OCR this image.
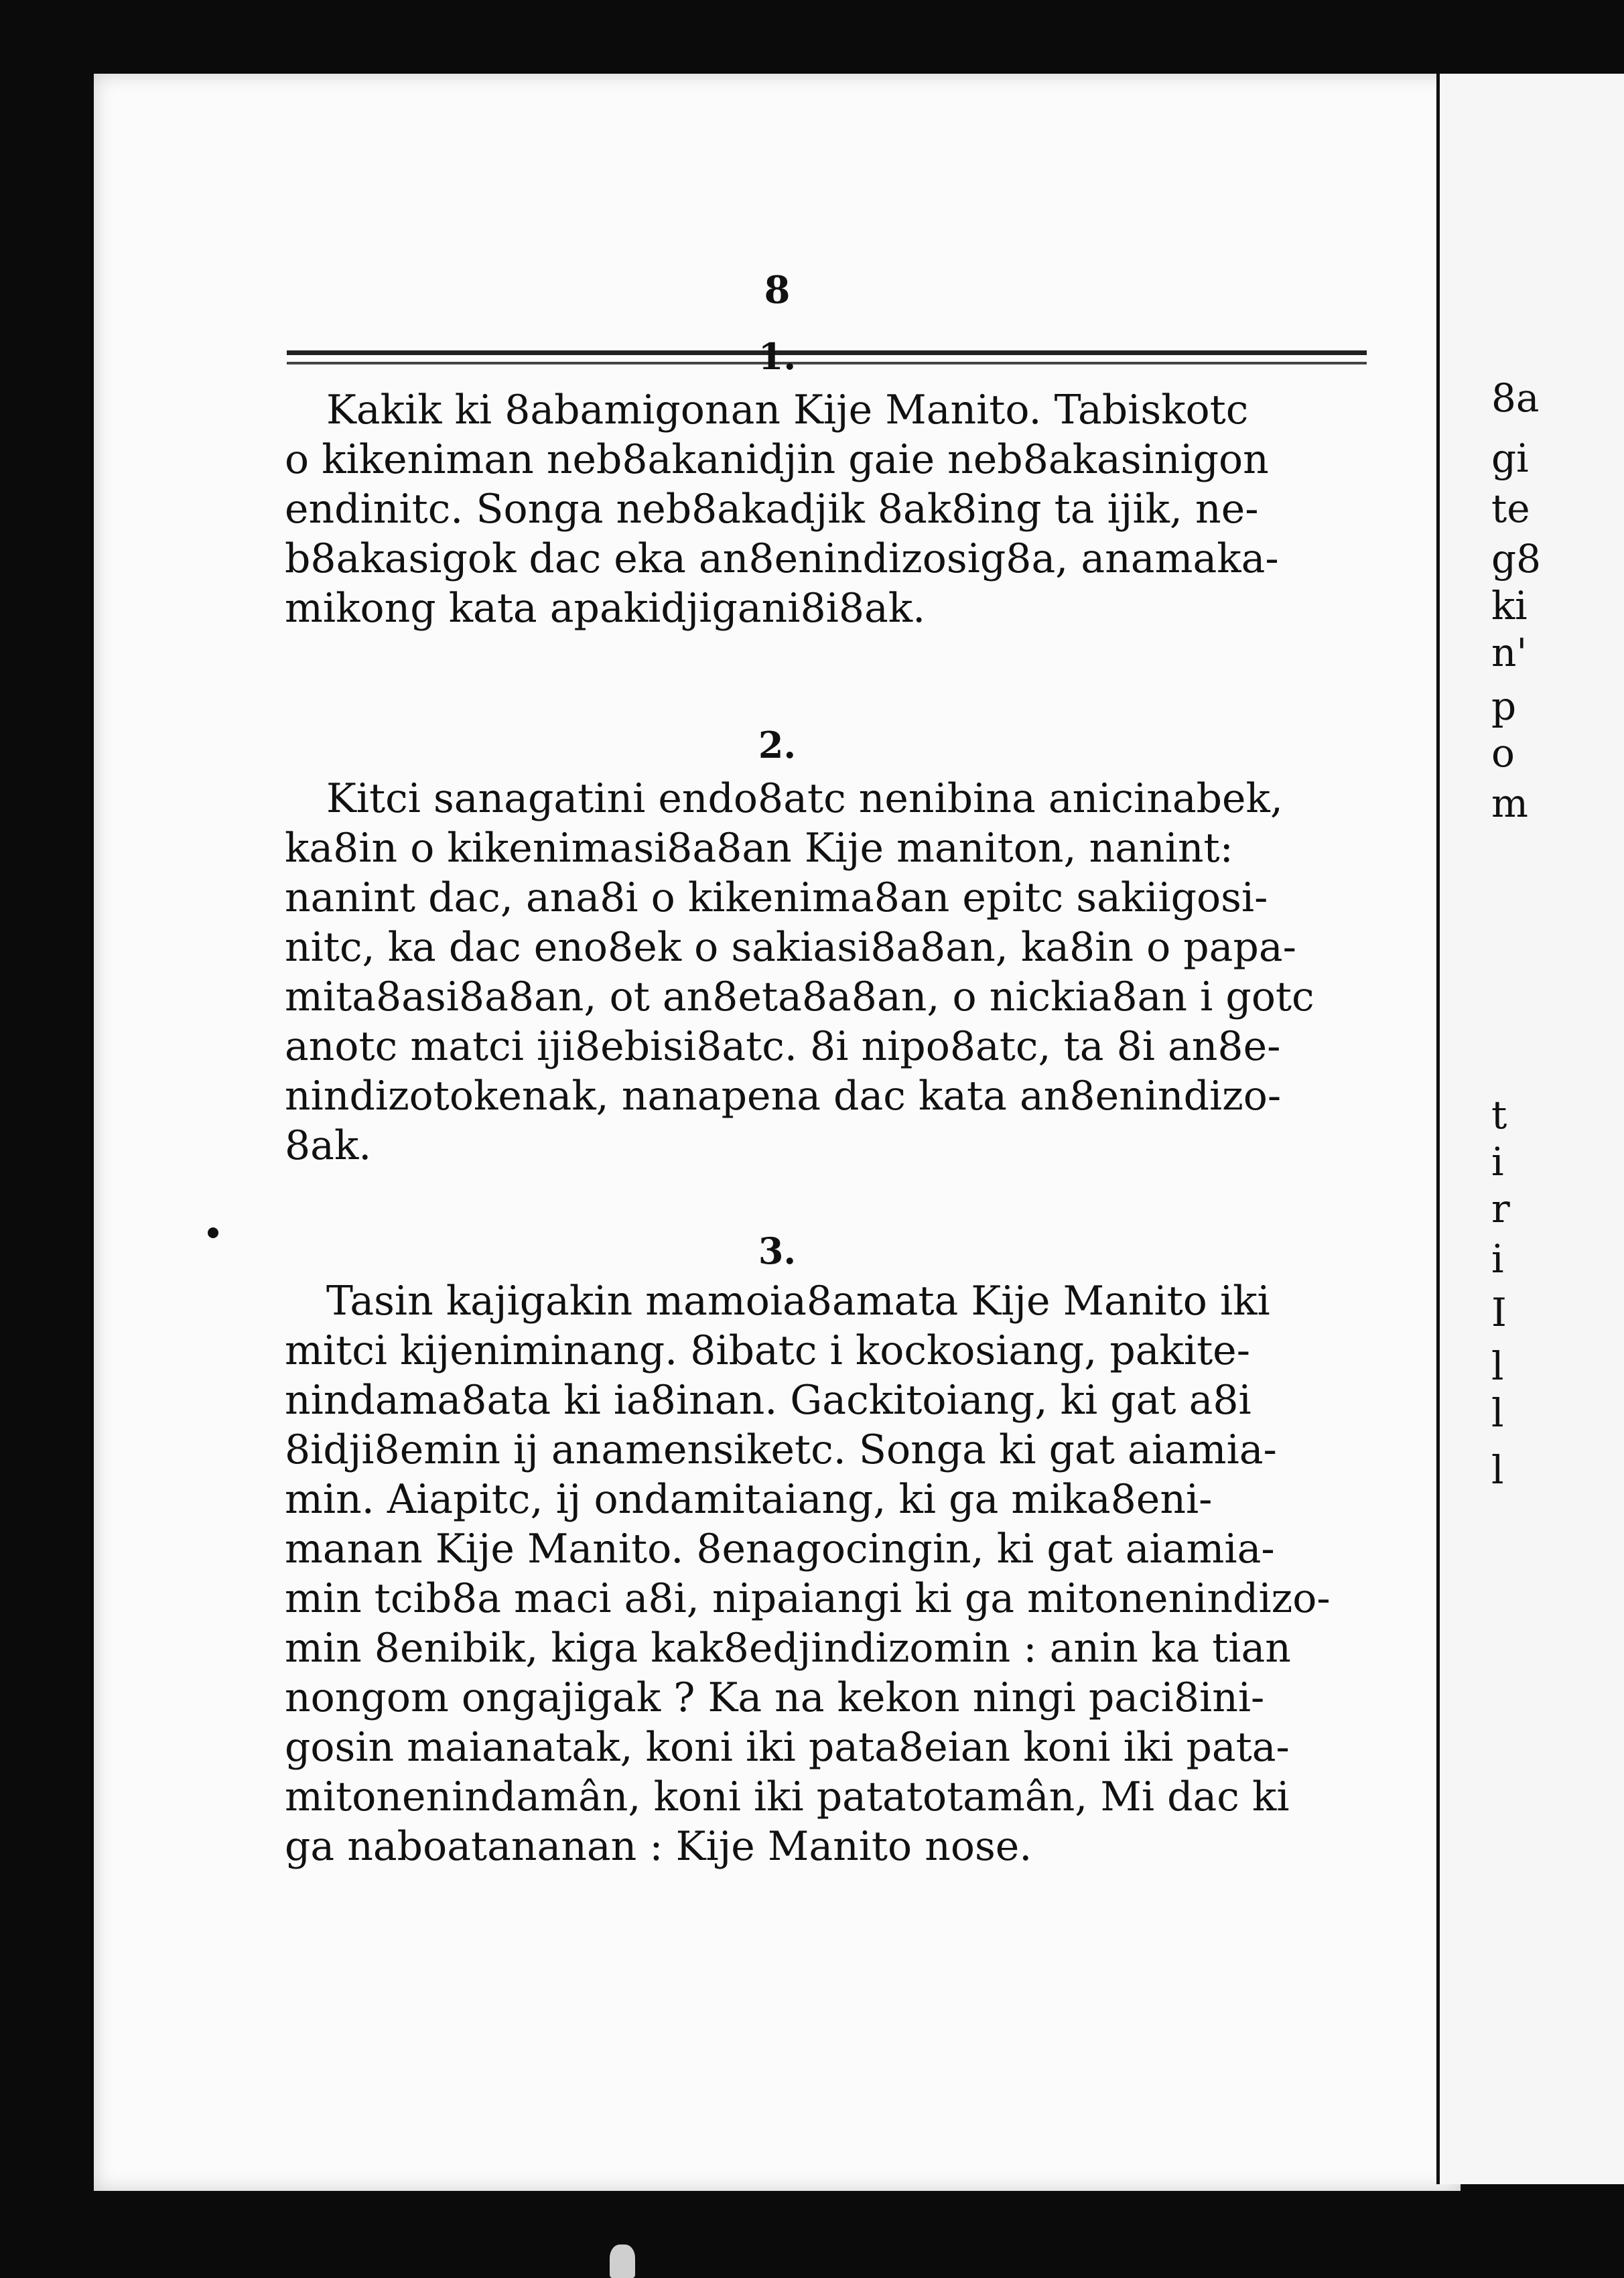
8
1.
Kakik ki 8abamigonan Kije Manito. Tabiskotc
o kikeniman neb8akanidjin gaie neb8akasinigon
endinitc. Songa neb8akadjik 8ak8ing ta ijik, ne-
b8akasigok dac eka an8enindizosig8a, anamaka-
mikong kata apakidjigani8i8ak.
2.
Kitci sanagatini endo8atc nenibina anicinabek,
ka8in o kikenimasi8a8an Kije maniton, nanint:
nanint dac, ana8i o kikenima8an epitc sakiigosi-
nitc, ka dac eno8ek o sakiasi8a8an, ka8in o papa-
mita8asi8a8an, ot an8eta8a8an, o nickia8an i gotc
anotc matci iji8ebisi8atc. 8i nipo8atc, ta 8i an8e-
nindizotokenak, nanapena dac kata an8enindizo-
8ak.
3.
Tasin kajigakin mamoia8amata Kije Manito iki
mitci kijeniminang. 8ibatc i kockosiang, pakite-
nindama8ata ki ia8inan. Gackitoiang, ki gat a8i
8idji8emin ij anamensiketc. Songa ki gat aiamia-
min. Aiapitc, ij ondamitaiang, ki ga mika8eni-
manan Kije Manito. 8enagocingin, ki gat aiamia-
min tcib8a maci a8i, nipaiangi ki ga mitonenindizo-
min 8enibik, kiga kak8edjindizomin : anin ka tian
nongom ongajigak ? Ka na kekon ningi paci8ini-
gosin maianatak, koni iki pata8eian koni iki pata-
mitonenindamân, koni iki patatotamân, Mi dac ki
ga naboatananan : Kije Manito nose.
8a
gi
te
g8
ki
n'
p
o
m
t
i
r
i
I
l
l
l
